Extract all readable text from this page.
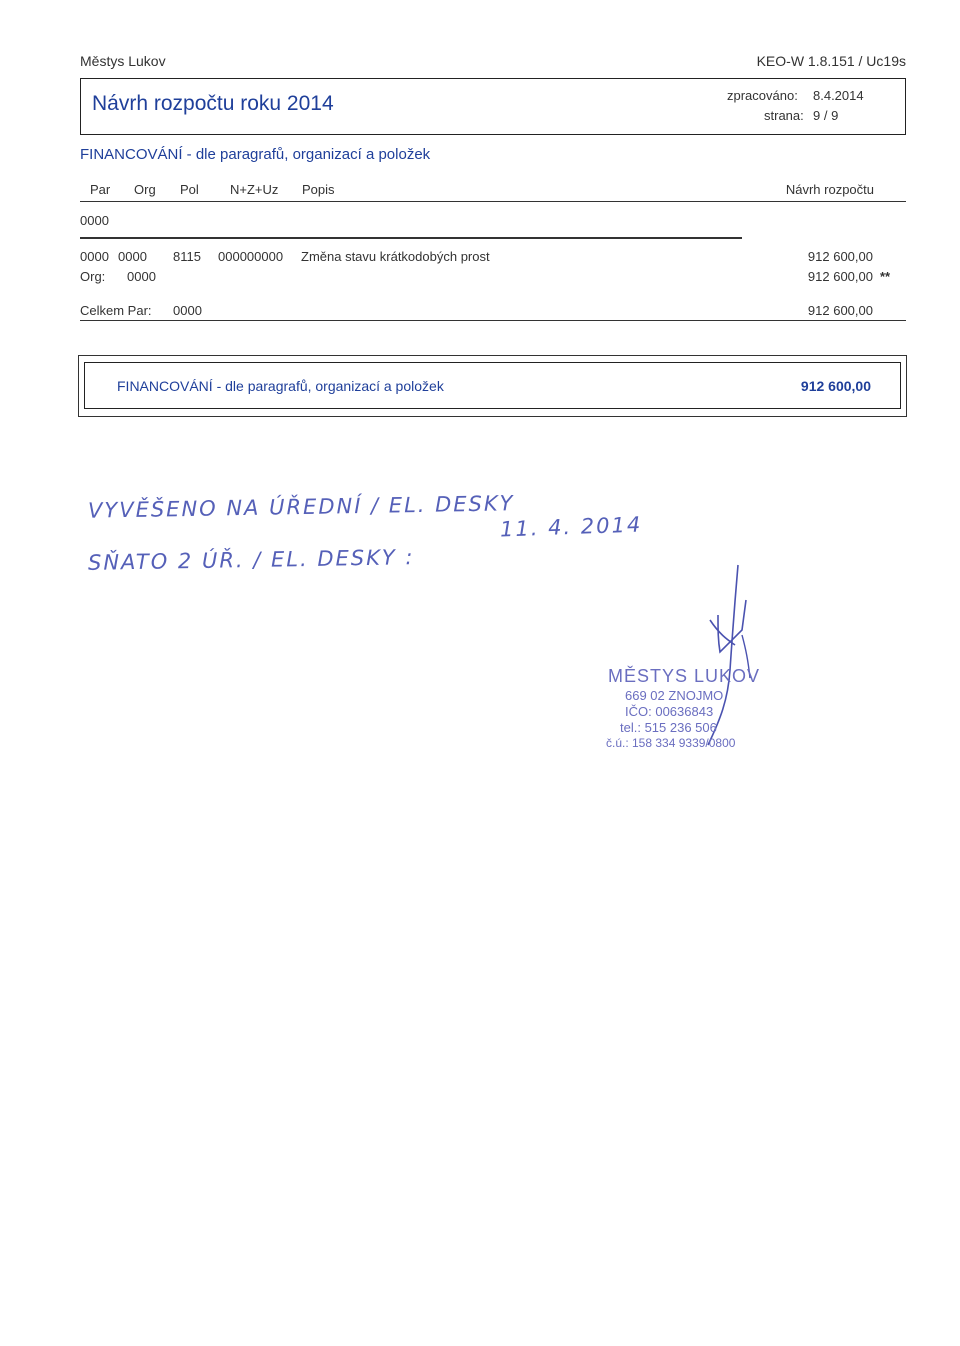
Městys Lukov	KEO-W 1.8.151 / Uc19s
Návrh rozpočtu roku 2014	zpracováno: 8.4.2014
strana: 9 / 9
FINANCOVÁNÍ - dle paragrafů, organizací a položek
Par Org Pol N+Z+Uz Popis	Návrh rozpočtu
0000
0000 0000 8115 000000000 Změna stavu krátkodobých prost	912 600,00
Org: 0000	912 600,00 **
Celkem Par: 0000	912 600,00
FINANCOVÁNÍ - dle paragrafů, organizací a položek	912 600,00
VYVĚŠENO NA ÚŘEDNÍ / EL. DESKY
11. 4. 2014
SŇATO 2 ÚŘ. / EL. DESKY :
MĚSTYS LUKOV
669 02 ZNOJMO
IČO: 00636843
tel.: 515 236 506
č.ú.: 158 334 9339/0800
